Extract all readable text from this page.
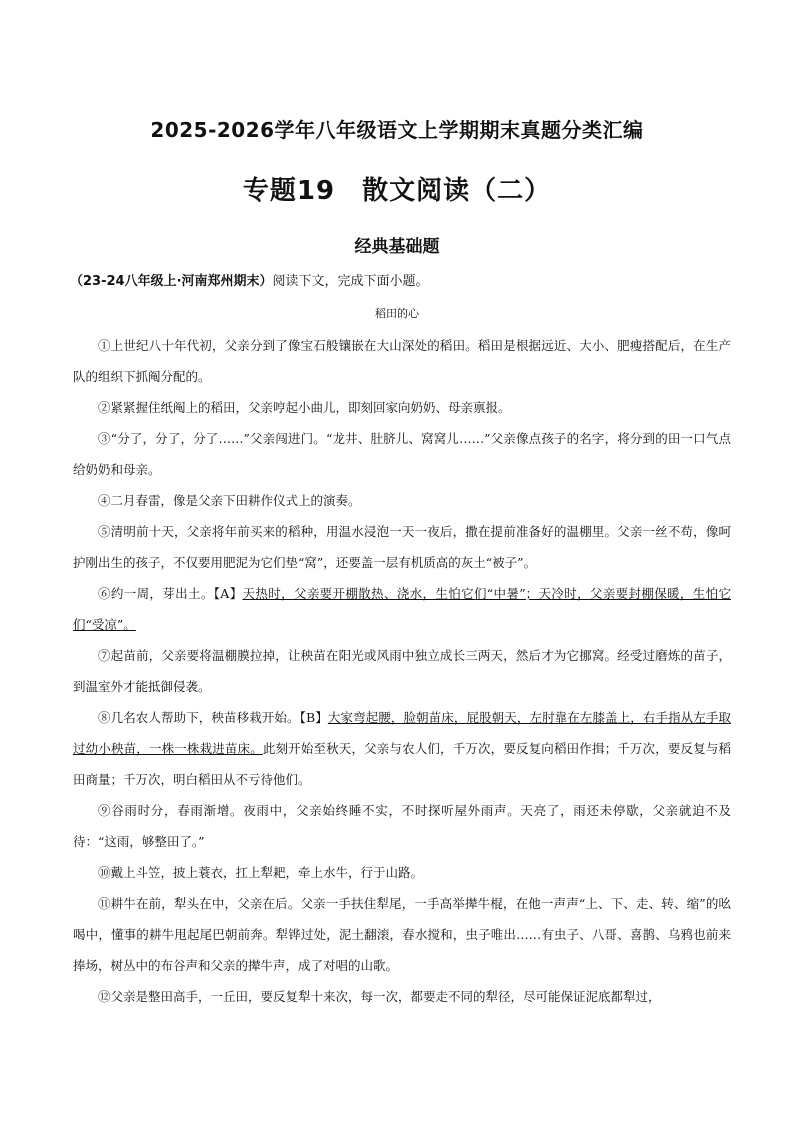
2025-2026学年八年级语文上学期期末真题分类汇编
专题19　散文阅读（二）
经典基础题
（23-24八年级上·河南郑州期末）阅读下文，完成下面小题。
稻田的心

①上世纪八十年代初，父亲分到了像宝石般镶嵌在大山深处的稻田。稻田是根据远近、大小、肥瘦搭配后，在生产队的组织下抓阄分配的。

②紧紧握住纸阄上的稻田，父亲哼起小曲儿，即刻回家向奶奶、母亲禀报。

③“分了，分了，分了……”父亲闯进门。“龙井、肚脐儿、窝窝儿……”父亲像点孩子的名字，将分到的田一口气点给奶奶和母亲。

④二月春雷，像是父亲下田耕作仪式上的演奏。

⑤清明前十天，父亲将年前买来的稻种，用温水浸泡一天一夜后，撒在提前准备好的温棚里。父亲一丝不苟，像呵护刚出生的孩子，不仅要用肥泥为它们垫“窝”，还要盖一层有机质高的灰土“被子”。

⑥约一周，芽出土。【A】天热时，父亲要开棚散热、浇水，生怕它们“中暑”；天冷时，父亲要封棚保暖，生怕它们“受凉”。

⑦起苗前，父亲要将温棚膜拉掉，让秧苗在阳光或风雨中独立成长三两天，然后才为它挪窝。经受过磨炼的苗子，到温室外才能抵御侵袭。

⑧几名农人帮助下，秧苗移栽开始。【B】大家弯起腰，脸朝苗床，屁股朝天，左肘靠在左膝盖上，右手指从左手取过幼小秧苗，一株一株栽进苗床。此刻开始至秋天，父亲与农人们，千万次，要反复向稻田作揖；千万次，要反复与稻田商量；千万次，明白稻田从不亏待他们。

⑨谷雨时分，春雨渐增。夜雨中，父亲始终睡不实，不时探听屋外雨声。天亮了，雨还未停歇，父亲就迫不及待：“这雨，够整田了。”

⑩戴上斗笠，披上蓑衣，扛上犁耙，牵上水牛，行于山路。

⑪耕牛在前，犁头在中，父亲在后。父亲一手扶住犁尾，一手高举撵牛棍，在他一声声“上、下、走、转、缩”的吆喝中，懂事的耕牛甩起尾巴朝前奔。犁铧过处，泥土翻滚，春水搅和，虫子唯出……有虫子、八哥、喜鹊、乌鸦也前来捧场，树丛中的布谷声和父亲的撵牛声，成了对唱的山歌。

⑫父亲是整田高手，一丘田，要反复犁十来次，每一次，都要走不同的犁径，尽可能保证泥底都犁过，
